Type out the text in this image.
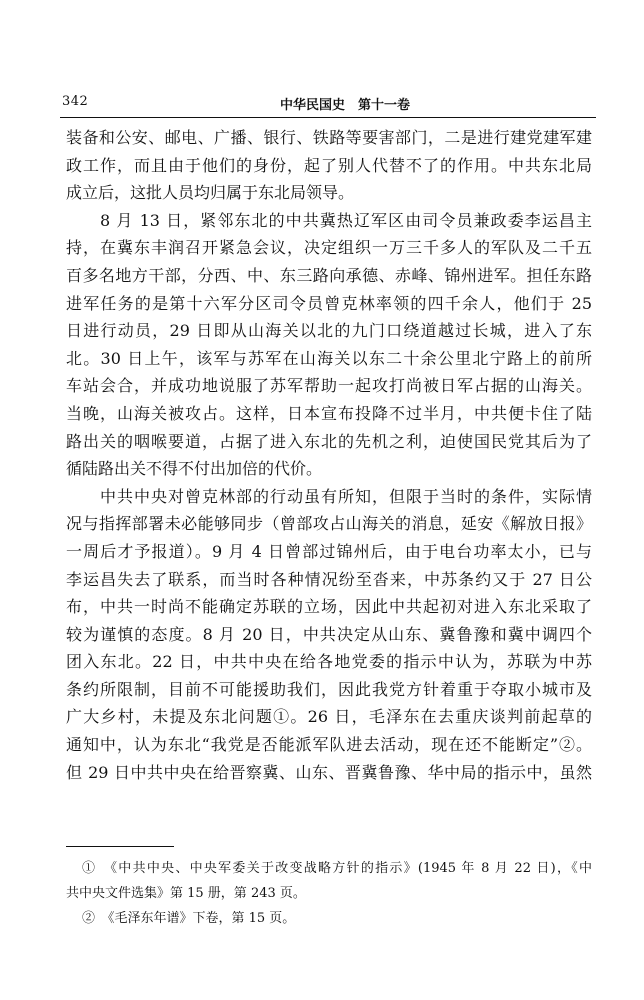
342	中华民国史　第十一卷
装备和公安、邮电、广播、银行、铁路等要害部门，二是进行建党建军建
政工作，而且由于他们的身份，起了别人代替不了的作用。中共东北局
成立后，这批人员均归属于东北局领导。
8 月 13 日，紧邻东北的中共冀热辽军区由司令员兼政委李运昌主
持，在冀东丰润召开紧急会议，决定组织一万三千多人的军队及二千五
百多名地方干部，分西、中、东三路向承德、赤峰、锦州进军。担任东路
进军任务的是第十六军分区司令员曾克林率领的四千余人，他们于 25
日进行动员，29 日即从山海关以北的九门口绕道越过长城，进入了东
北。30 日上午，该军与苏军在山海关以东二十余公里北宁路上的前所
车站会合，并成功地说服了苏军帮助一起攻打尚被日军占据的山海关。
当晚，山海关被攻占。这样，日本宣布投降不过半月，中共便卡住了陆
路出关的咽喉要道，占据了进入东北的先机之利，迫使国民党其后为了
循陆路出关不得不付出加倍的代价。
中共中央对曾克林部的行动虽有所知，但限于当时的条件，实际情
况与指挥部署未必能够同步（曾部攻占山海关的消息，延安《解放日报》
一周后才予报道）。9 月 4 日曾部过锦州后，由于电台功率太小，已与
李运昌失去了联系，而当时各种情况纷至沓来，中苏条约又于 27 日公
布，中共一时尚不能确定苏联的立场，因此中共起初对进入东北采取了
较为谨慎的态度。8 月 20 日，中共决定从山东、冀鲁豫和冀中调四个
团入东北。22 日，中共中央在给各地党委的指示中认为，苏联为中苏
条约所限制，目前不可能援助我们，因此我党方针着重于夺取小城市及
广大乡村，未提及东北问题①。26 日，毛泽东在去重庆谈判前起草的
通知中，认为东北“我党是否能派军队进去活动，现在还不能断定”②。
但 29 日中共中央在给晋察冀、山东、晋冀鲁豫、华中局的指示中，虽然
①　《中共中央、中央军委关于改变战略方针的指示》(1945 年 8 月 22 日)，《中
共中央文件选集》第 15 册，第 243 页。
②　《毛泽东年谱》下卷，第 15 页。
